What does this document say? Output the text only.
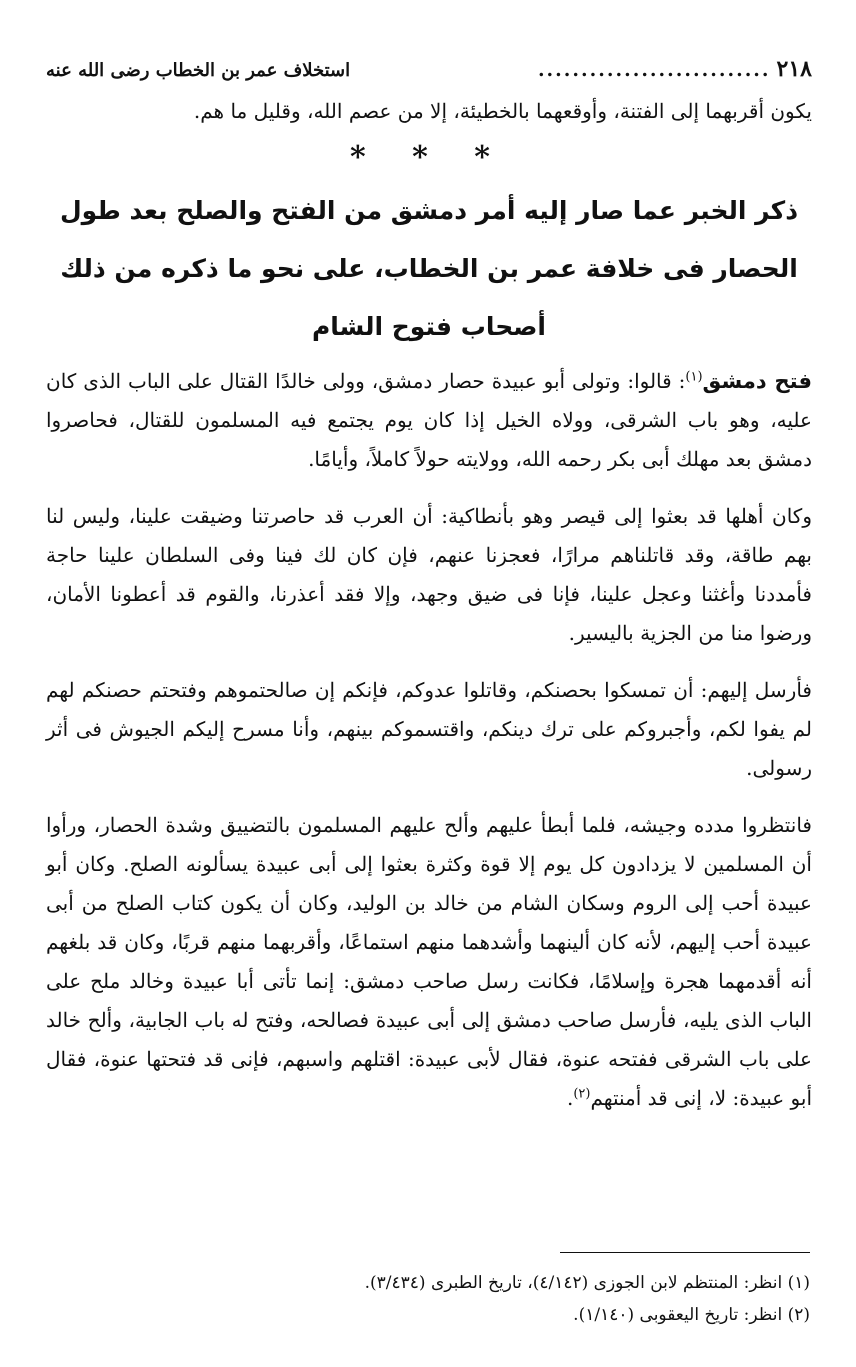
٢١٨
...........................
استخلاف عمر بن الخطاب رضى الله عنه

يكون أقربهما إلى الفتنة، وأوقعهما بالخطيئة، إلا من عصم الله، وقليل ما هم.

* * *
ذكر الخبر عما صار إليه أمر دمشق من الفتح والصلح بعد طول
الحصار فى خلافة عمر بن الخطاب، على نحو ما ذكره من ذلك
أصحاب فتوح الشام

فتح دمشق$^{(١)}$: قالوا: وتولى أبو عبيدة حصار دمشق، وولى خالدًا القتال على الباب الذى كان عليه، وهو باب الشرقى، وولاه الخيل إذا كان يوم يجتمع فيه المسلمون للقتال، فحاصروا دمشق بعد مهلك أبى بكر رحمه الله، وولايته حولاً كاملاً، وأيامًا.

وكان أهلها قد بعثوا إلى قيصر وهو بأنطاكية: أن العرب قد حاصرتنا وضيقت علينا، وليس لنا بهم طاقة، وقد قاتلناهم مرارًا، فعجزنا عنهم، فإن كان لك فينا وفى السلطان علينا حاجة فأمددنا وأغثنا وعجل علينا، فإنا فى ضيق وجهد، وإلا فقد أعذرنا، والقوم قد أعطونا الأمان، ورضوا منا من الجزية باليسير.

فأرسل إليهم: أن تمسكوا بحصنكم، وقاتلوا عدوكم، فإنكم إن صالحتموهم وفتحتم حصنكم لهم لم يفوا لكم، وأجبروكم على ترك دينكم، واقتسموكم بينهم، وأنا مسرح إليكم الجيوش فى أثر رسولى.

فانتظروا مدده وجيشه، فلما أبطأ عليهم وألح عليهم المسلمون بالتضييق وشدة الحصار، ورأوا أن المسلمين لا يزدادون كل يوم إلا قوة وكثرة بعثوا إلى أبى عبيدة يسألونه الصلح. وكان أبو عبيدة أحب إلى الروم وسكان الشام من خالد بن الوليد، وكان أن يكون كتاب الصلح من أبى عبيدة أحب إليهم، لأنه كان ألينهما وأشدهما منهم استماعًا، وأقربهما منهم قربًا، وكان قد بلغهم أنه أقدمهما هجرة وإسلامًا، فكانت رسل صاحب دمشق: إنما تأتى أبا عبيدة وخالد ملح على الباب الذى يليه، فأرسل صاحب دمشق إلى أبى عبيدة فصالحه، وفتح له باب الجابية، وألح خالد على باب الشرقى ففتحه عنوة، فقال لأبى عبيدة: اقتلهم واسبهم، فإنى قد فتحتها عنوة، فقال أبو عبيدة: لا، إنى قد أمنتهم$^{(٢)}$.

(١) انظر: المنتظم لابن الجوزى (٤/١٤٢)، تاريخ الطبرى (٣/٤٣٤).
(٢) انظر: تاريخ اليعقوبى (١/١٤٠).
